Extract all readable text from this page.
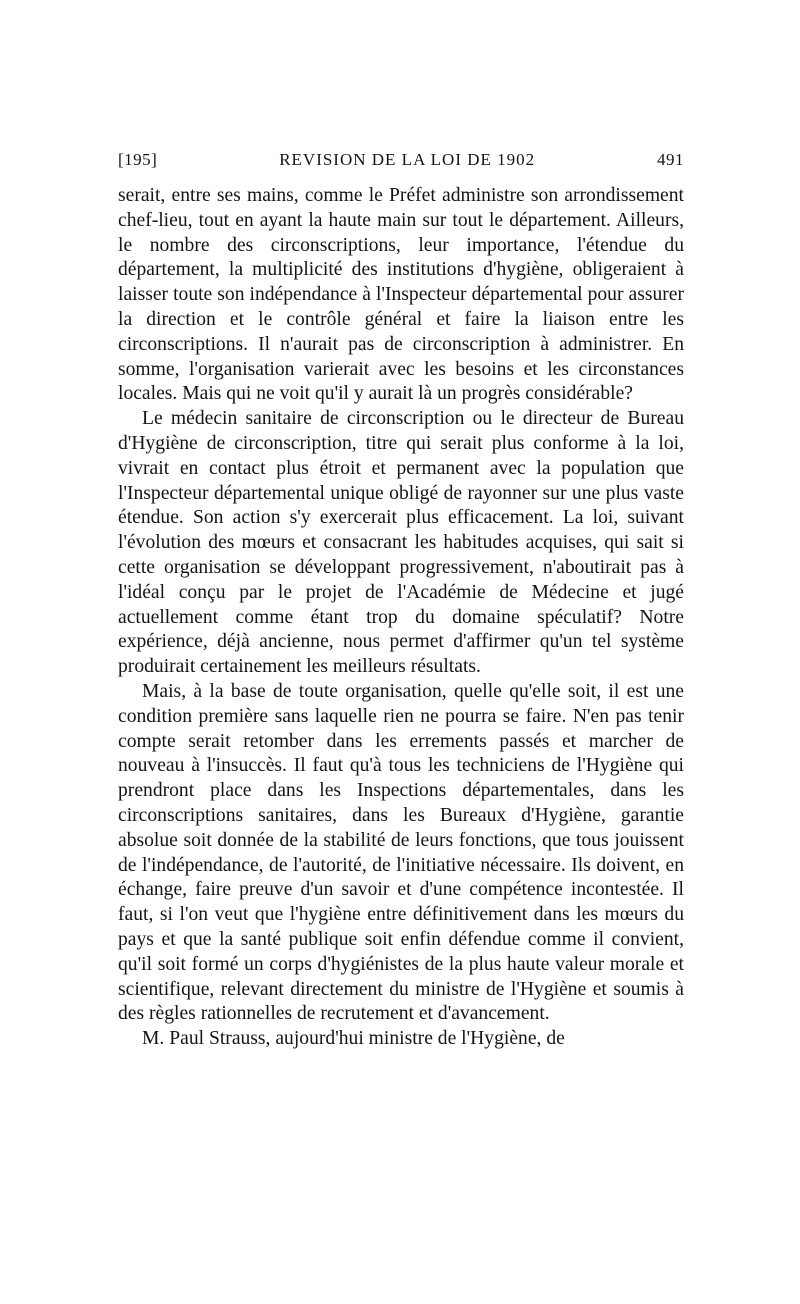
[195]	REVISION DE LA LOI DE 1902	491

serait, entre ses mains, comme le Préfet administre son arrondissement chef-lieu, tout en ayant la haute main sur tout le département. Ailleurs, le nombre des circonscriptions, leur importance, l'étendue du département, la multiplicité des institutions d'hygiène, obligeraient à laisser toute son indépendance à l'Inspecteur départemental pour assurer la direction et le contrôle général et faire la liaison entre les circonscriptions. Il n'aurait pas de circonscription à administrer. En somme, l'organisation varierait avec les besoins et les circonstances locales. Mais qui ne voit qu'il y aurait là un progrès considérable?

Le médecin sanitaire de circonscription ou le directeur de Bureau d'Hygiène de circonscription, titre qui serait plus conforme à la loi, vivrait en contact plus étroit et permanent avec la population que l'Inspecteur départemental unique obligé de rayonner sur une plus vaste étendue. Son action s'y exercerait plus efficacement. La loi, suivant l'évolution des mœurs et consacrant les habitudes acquises, qui sait si cette organisation se développant progressivement, n'aboutirait pas à l'idéal conçu par le projet de l'Académie de Médecine et jugé actuellement comme étant trop du domaine spéculatif? Notre expérience, déjà ancienne, nous permet d'affirmer qu'un tel système produirait certainement les meilleurs résultats.

Mais, à la base de toute organisation, quelle qu'elle soit, il est une condition première sans laquelle rien ne pourra se faire. N'en pas tenir compte serait retomber dans les errements passés et marcher de nouveau à l'insuccès. Il faut qu'à tous les techniciens de l'Hygiène qui prendront place dans les Inspections départementales, dans les circonscriptions sanitaires, dans les Bureaux d'Hygiène, garantie absolue soit donnée de la stabilité de leurs fonctions, que tous jouissent de l'indépendance, de l'autorité, de l'initiative nécessaire. Ils doivent, en échange, faire preuve d'un savoir et d'une compétence incontestée. Il faut, si l'on veut que l'hygiène entre définitivement dans les mœurs du pays et que la santé publique soit enfin défendue comme il convient, qu'il soit formé un corps d'hygiénistes de la plus haute valeur morale et scientifique, relevant directement du ministre de l'Hygiène et soumis à des règles rationnelles de recrutement et d'avancement.

M. Paul Strauss, aujourd'hui ministre de l'Hygiène, de
